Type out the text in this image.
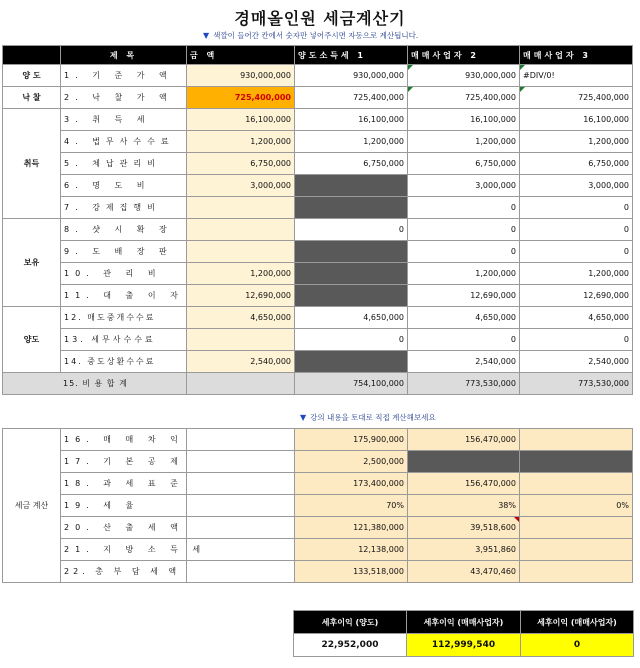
경매올인원 세금계산기
▼ 색깔이 들어간 칸에서 숫자만 넣어주시면 자동으로 계산됩니다.
	제 목	금 액	양도소득세 1	매매사업자 2	매매사업자 3
양 도	1. 기 준 가 액	930,000,000	930,000,000	930,000,000	#DIV/0!
낙 찰	2. 낙 찰 가 액	725,400,000	725,400,000	725,400,000	725,400,000
취득	3. 취 득 세	16,100,000	16,100,000	16,100,000	16,100,000
	4. 법무사수수료	1,200,000	1,200,000	1,200,000	1,200,000
	5. 체납관리비	6,750,000	6,750,000	6,750,000	6,750,000
	6. 명 도 비	3,000,000		3,000,000	3,000,000
	7. 강제집행비			0	0
보유	8. 샷 시 확 장		0	0	0
	9. 도 배 장 판			0	0
	10. 관 리 비	1,200,000		1,200,000	1,200,000
	11. 대 출 이 자	12,690,000		12,690,000	12,690,000
양도	12. 매도중개수수료	4,650,000	4,650,000	4,650,000	4,650,000
	13. 세무사수수료		0	0	0
	14. 중도상환수수료	2,540,000		2,540,000	2,540,000
15. 비 용 합 계			754,100,000	773,530,000	773,530,000
▼ 강의 내용을 토대로 직접 계산해보세요
세금 계산	16. 매 매 차 익		175,900,000	156,470,000	
	17. 기 본 공 제		2,500,000		
	18. 과 세 표 준		173,400,000	156,470,000	
	19. 세 율		70%	38%	0%
	20. 산 출 세 액		121,380,000	39,518,600	
	21. 지 방 소 득 세		12,138,000	3,951,860	
	22. 총 부 담 세 액		133,518,000	43,470,460	
세후이익 (양도)	세후이익 (매매사업자)	세후이익 (매매사업자)
22,952,000	112,999,540	0
